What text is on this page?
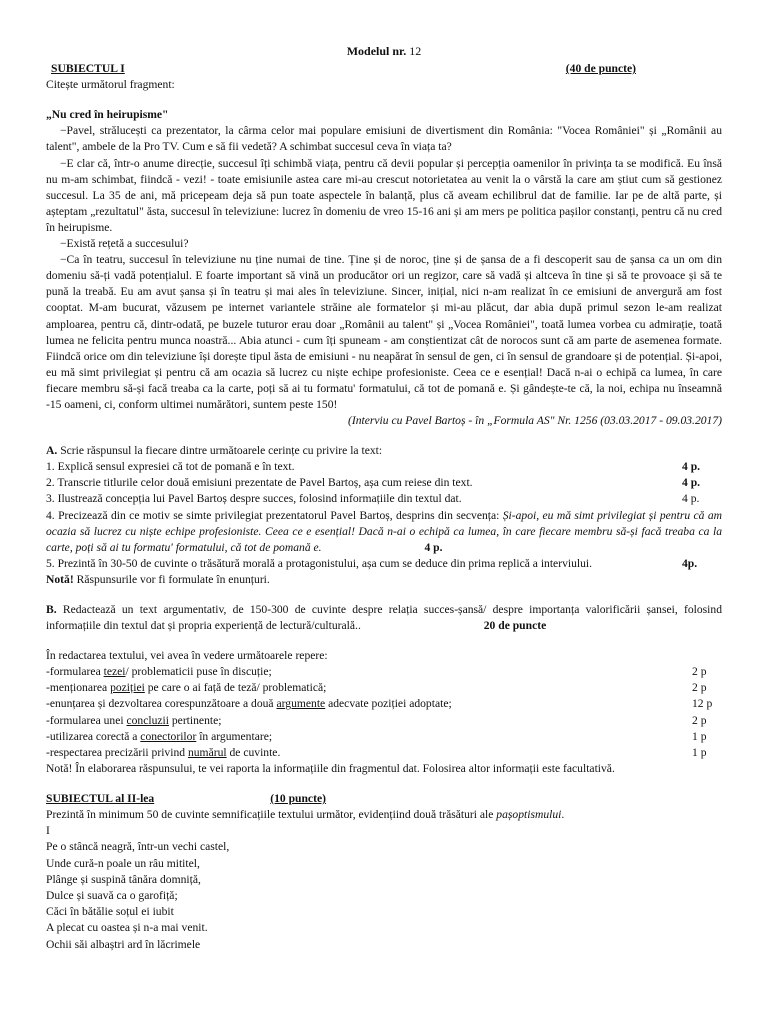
Modelul nr. 12
SUBIECTUL I	(40 de puncte)
Citește următorul fragment:
„Nu cred în heirupisme"

−Pavel, strălucești ca prezentator, la cârma celor mai populare emisiuni de divertisment din România: "Vocea României" și „Românii au talent", ambele de la Pro TV. Cum e să fii vedetă? A schimbat succesul ceva în viața ta?

−E clar că, într-o anume direcție, succesul îți schimbă viața, pentru că devii popular și percepția oamenilor în privința ta se modifică. Eu însă nu m-am schimbat, fiindcă - vezi! - toate emisiunile astea care mi-au crescut notorietatea au venit la o vârstă la care am știut cum să gestionez succesul. La 35 de ani, mă pricepeam deja să pun toate aspectele în balanță, plus că aveam echilibrul dat de familie. Iar pe de altă parte, și așteptam „rezultatul" ăsta, succesul în televiziune: lucrez în domeniu de vreo 15-16 ani și am mers pe politica pașilor constanți, pentru că nu cred în heirupisme.

−Există rețetă a succesului?

−Ca în teatru, succesul în televiziune nu ține numai de tine. Ține și de noroc, ține și de șansa de a fi descoperit sau de șansa ca un om din domeniu să-ți vadă potențialul. E foarte important să vină un producător ori un regizor, care să vadă și altceva în tine și să te provoace și să te pună la treabă. Eu am avut șansa și în teatru și mai ales în televiziune. Sincer, inițial, nici n-am realizat în ce emisiuni de anvergură am fost cooptat. M-am bucurat, văzusem pe internet variantele străine ale formatelor și mi-au plăcut, dar abia după primul sezon le-am realizat amploarea, pentru că, dintr-odată, pe buzele tuturor erau doar „Românii au talent" și „Vocea României", toată lumea vorbea cu admirație, toată lumea ne felicita pentru munca noastră... Abia atunci - cum îți spuneam - am conștientizat cât de norocos sunt că am parte de asemenea formate. Fiindcă orice om din televiziune își dorește tipul ăsta de emisiuni - nu neapărat în sensul de gen, ci în sensul de grandoare și de potențial. Și-apoi, eu mă simt privilegiat și pentru că am ocazia să lucrez cu niște echipe profesioniste. Ceea ce e esențial! Dacă n-ai o echipă ca lumea, în care fiecare membru să-și facă treaba ca la carte, poți să ai tu formatu' formatului, că tot de pomană e. Și gândește-te că, la noi, echipa nu înseamnă -15 oameni, ci, conform ultimei numărători, suntem peste 150!

(Interviu cu Pavel Bartoș - în „Formula AS" Nr. 1256 (03.03.2017 - 09.03.2017)
A. Scrie răspunsul la fiecare dintre următoarele cerințe cu privire la text:
1. Explică sensul expresiei că tot de pomană e în text.	4 p.
2. Transcrie titlurile celor două emisiuni prezentate de Pavel Bartoș, așa cum reiese din text.	4 p.
3. Ilustrează concepția lui Pavel Bartoș despre succes, folosind informațiile din textul dat.	4 p.

4. Precizează din ce motiv se simte privilegiat prezentatorul Pavel Bartoș, desprins din secvența: Și-apoi, eu mă simt privilegiat și pentru că am ocazia să lucrez cu niște echipe profesioniste. Ceea ce e esențial! Dacă n-ai o echipă ca lumea, în care fiecare membru să-și facă treaba ca la carte, poți să ai tu formatu' formatului, că tot de pomană e.	4 p.

5. Prezintă în 30-50 de cuvinte o trăsătură morală a protagonistului, așa cum se deduce din prima replică a interviului.	4p.
Notă! Răspunsurile vor fi formulate în enunțuri.

B. Redactează un text argumentativ, de 150-300 de cuvinte despre relația succes-șansă/ despre importanța valorificării șansei, folosind informațiile din textul dat și propria experiență de lectură/culturală..	20 de puncte

În redactarea textului, vei avea în vedere următoarele repere:
-formularea tezei/ problematicii puse în discuție;	2 p
-menționarea poziției pe care o ai față de teză/ problematică;	2 p
-enunțarea și dezvoltarea corespunzătoare a două argumente adecvate poziției adoptate;	12 p
-formularea unei concluzii pertinente;	2 p
-utilizarea corectă a conectorilor în argumentare;	1 p
-respectarea precizării privind numărul de cuvinte.	1 p
Notă! În elaborarea răspunsului, te vei raporta la informațiile din fragmentul dat. Folosirea altor informații este facultativă.
SUBIECTUL al II-lea	(10 puncte)
Prezintă în minimum 50 de cuvinte semnificațiile textului următor, evidențiind două trăsături ale pașoptismului.
I
Pe o stâncă neagră, într-un vechi castel,
Unde cură-n poale un râu mititel,
Plânge și suspină tânăra domniță,
Dulce și suavă ca o garofiță;
Căci în bătălie soțul ei iubit
A plecat cu oastea și n-a mai venit.
Ochii săi albaștri ard în lăcrimele
